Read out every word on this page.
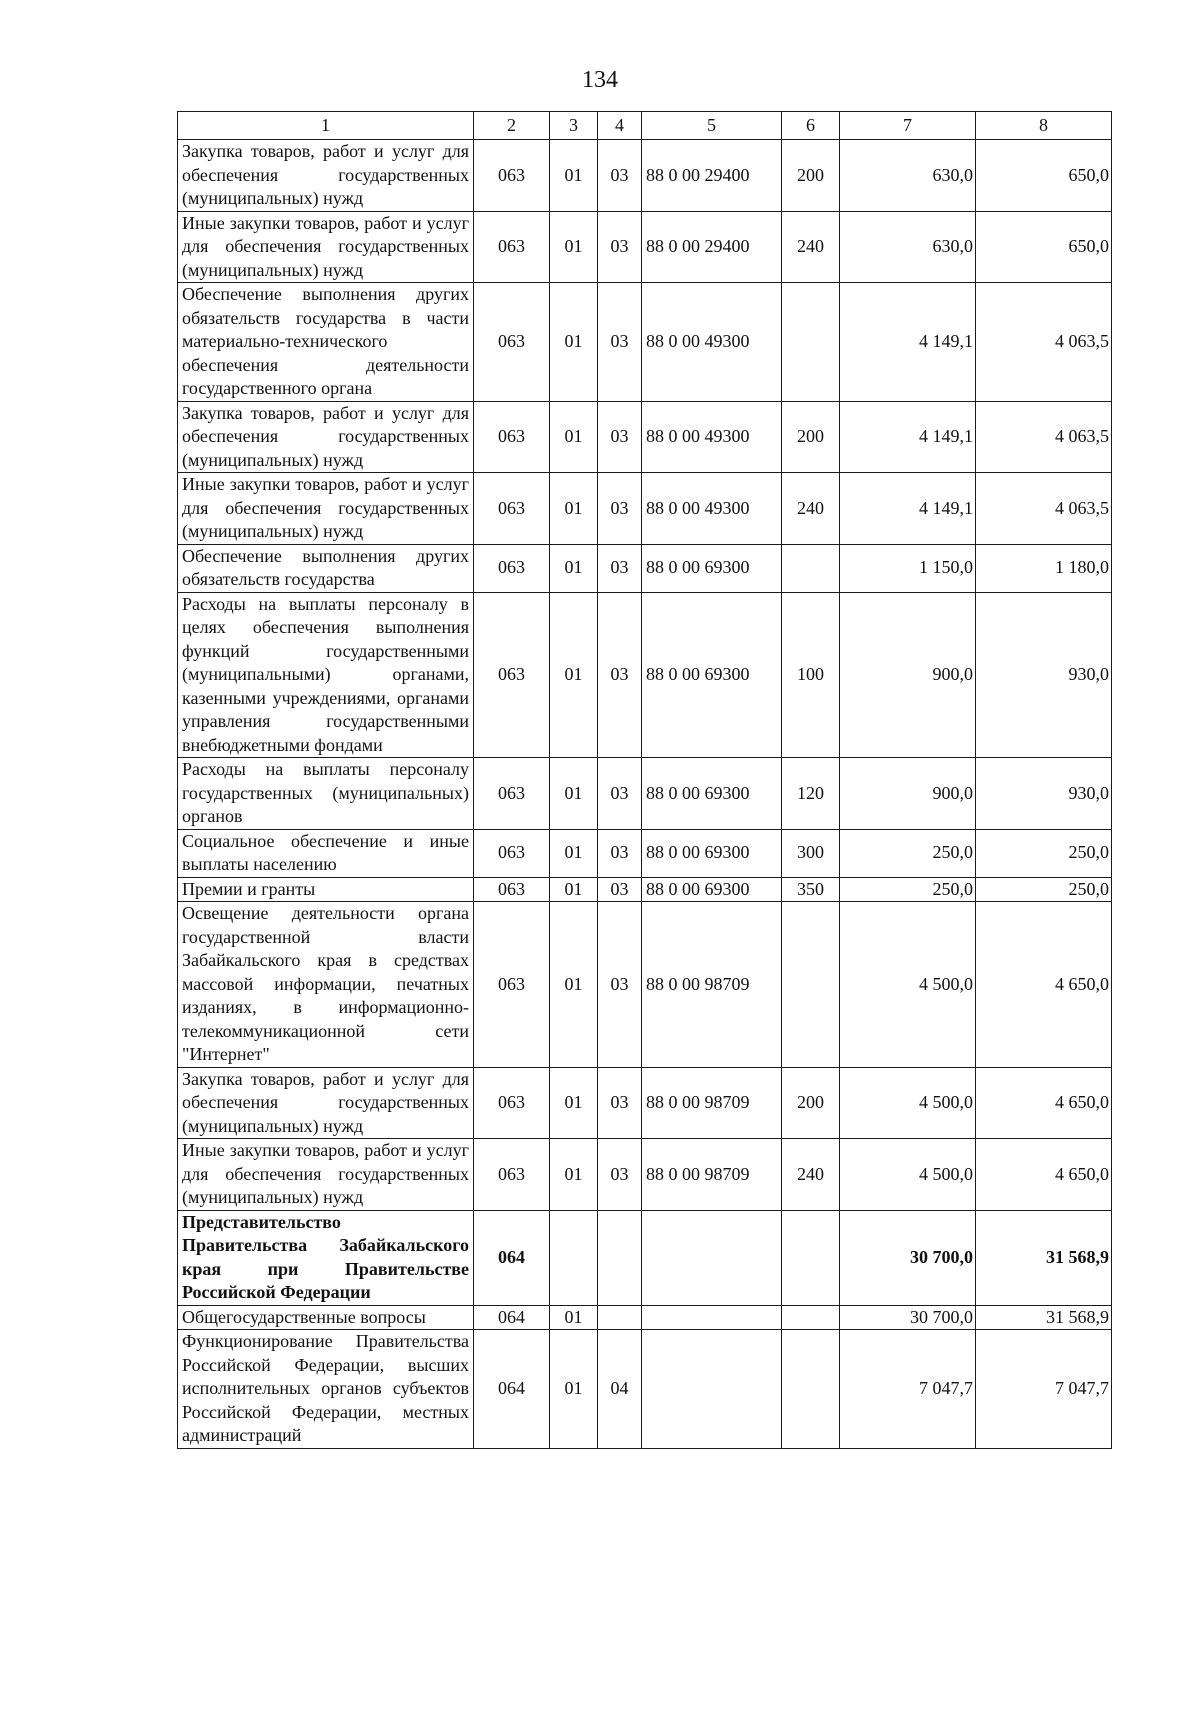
134
1	2	3	4	5	6	7	8
Закупка товаров, работ и услуг для обеспечения государственных (муниципальных) нужд	063	01	03	88 0 00 29400	200	630,0	650,0
Иные закупки товаров, работ и услуг для обеспечения государственных (муниципальных) нужд	063	01	03	88 0 00 29400	240	630,0	650,0
Обеспечение выполнения других обязательств государства в части материально-технического обеспечения деятельности государственного органа	063	01	03	88 0 00 49300		4 149,1	4 063,5
Закупка товаров, работ и услуг для обеспечения государственных (муниципальных) нужд	063	01	03	88 0 00 49300	200	4 149,1	4 063,5
Иные закупки товаров, работ и услуг для обеспечения государственных (муниципальных) нужд	063	01	03	88 0 00 49300	240	4 149,1	4 063,5
Обеспечение выполнения других обязательств государства	063	01	03	88 0 00 69300		1 150,0	1 180,0
Расходы на выплаты персоналу в целях обеспечения выполнения функций государственными (муниципальными) органами, казенными учреждениями, органами управления государственными внебюджетными фондами	063	01	03	88 0 00 69300	100	900,0	930,0
Расходы на выплаты персоналу государственных (муниципальных) органов	063	01	03	88 0 00 69300	120	900,0	930,0
Социальное обеспечение и иные выплаты населению	063	01	03	88 0 00 69300	300	250,0	250,0
Премии и гранты	063	01	03	88 0 00 69300	350	250,0	250,0
Освещение деятельности органа государственной власти Забайкальского края в средствах массовой информации, печатных изданиях, в информационно-телекоммуникационной сети "Интернет"	063	01	03	88 0 00 98709		4 500,0	4 650,0
Закупка товаров, работ и услуг для обеспечения государственных (муниципальных) нужд	063	01	03	88 0 00 98709	200	4 500,0	4 650,0
Иные закупки товаров, работ и услуг для обеспечения государственных (муниципальных) нужд	063	01	03	88 0 00 98709	240	4 500,0	4 650,0
Представительство Правительства Забайкальского края при Правительстве Российской Федерации	064					30 700,0	31 568,9
Общегосударственные вопросы	064	01				30 700,0	31 568,9
Функционирование Правительства Российской Федерации, высших исполнительных органов субъектов Российской Федерации, местных администраций	064	01	04			7 047,7	7 047,7
